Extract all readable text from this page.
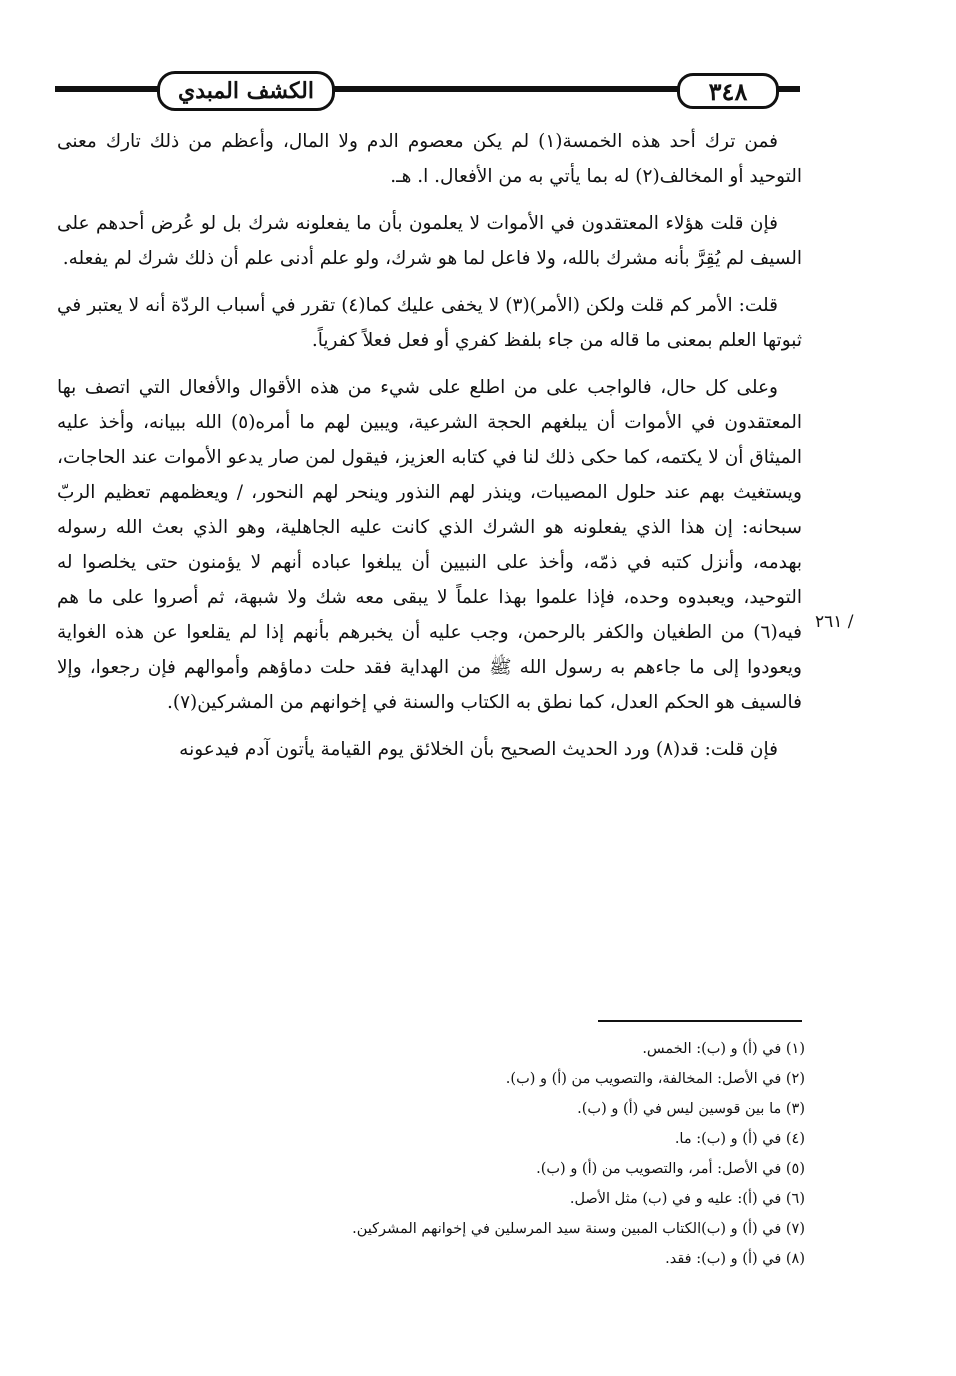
الكشف المبدي	٣٤٨

فمن ترك أحد هذه الخمسة(١) لم يكن معصوم الدم ولا المال، وأعظم من ذلك تارك معنى التوحيد أو المخالف(٢) له بما يأتي به من الأفعال. ا. هـ.

فإن قلت هؤلاء المعتقدون في الأموات لا يعلمون بأن ما يفعلونه شرك بل لو عُرض أحدهم على السيف لم يُقِرَّ بأنه مشرك بالله، ولا فاعل لما هو شرك، ولو علم أدنى علم أن ذلك شرك لم يفعله.

قلت: الأمر كم قلت ولكن (الأمر)(٣) لا يخفى عليك كما(٤) تقرر في أسباب الردّة أنه لا يعتبر في ثبوتها العلم بمعنى ما قاله من جاء بلفظ كفري أو فعل فعلاً كفرياً.

وعلى كل حال، فالواجب على من اطلع على شيء من هذه الأقوال والأفعال التي اتصف بها المعتقدون في الأموات أن يبلغهم الحجة الشرعية، ويبين لهم ما أمره(٥) الله ببيانه، وأخذ عليه الميثاق أن لا يكتمه، كما حكى ذلك لنا في كتابه العزيز، فيقول لمن صار يدعو الأموات عند الحاجات، ويستغيث بهم عند حلول المصيبات، وينذر لهم النذور وينحر لهم النحور، / ويعظمهم تعظيم الربّ سبحانه: إن هذا الذي يفعلونه هو الشرك الذي كانت عليه الجاهلية، وهو الذي بعث الله رسوله بهدمه، وأنزل كتبه في ذمّه، وأخذ على النبيين أن يبلغوا عباده أنهم لا يؤمنون حتى يخلصوا له التوحيد، ويعبدوه وحده، فإذا علموا بهذا علماً لا يبقى معه شك ولا شبهة، ثم أصروا على ما هم فيه(٦) من الطغيان والكفر بالرحمن، وجب عليه أن يخبرهم بأنهم إذا لم يقلعوا عن هذه الغواية ويعودوا إلى ما جاءهم به رسول الله ﷺ من الهداية فقد حلت دماؤهم وأموالهم فإن رجعوا، وإلا فالسيف هو الحكم العدل، كما نطق به الكتاب والسنة في إخوانهم من المشركين(٧).

فإن قلت: قد(٨) ورد الحديث الصحيح بأن الخلائق يوم القيامة يأتون آدم فيدعونه

/ ٢٦١
(١) في (أ) و (ب): الخمس.
(٢) في الأصل: المخالفة، والتصويب من (أ) و (ب).
(٣) ما بين قوسين ليس في (أ) و (ب).
(٤) في (أ) و (ب): ما.
(٥) في الأصل: أمر، والتصويب من (أ) و (ب).
(٦) في (أ): عليه و في (ب) مثل الأصل.
(٧) في (أ) و (ب)الكتاب المبين وسنة سيد المرسلين في إخوانهم المشركين.
(٨) في (أ) و (ب): فقد.
